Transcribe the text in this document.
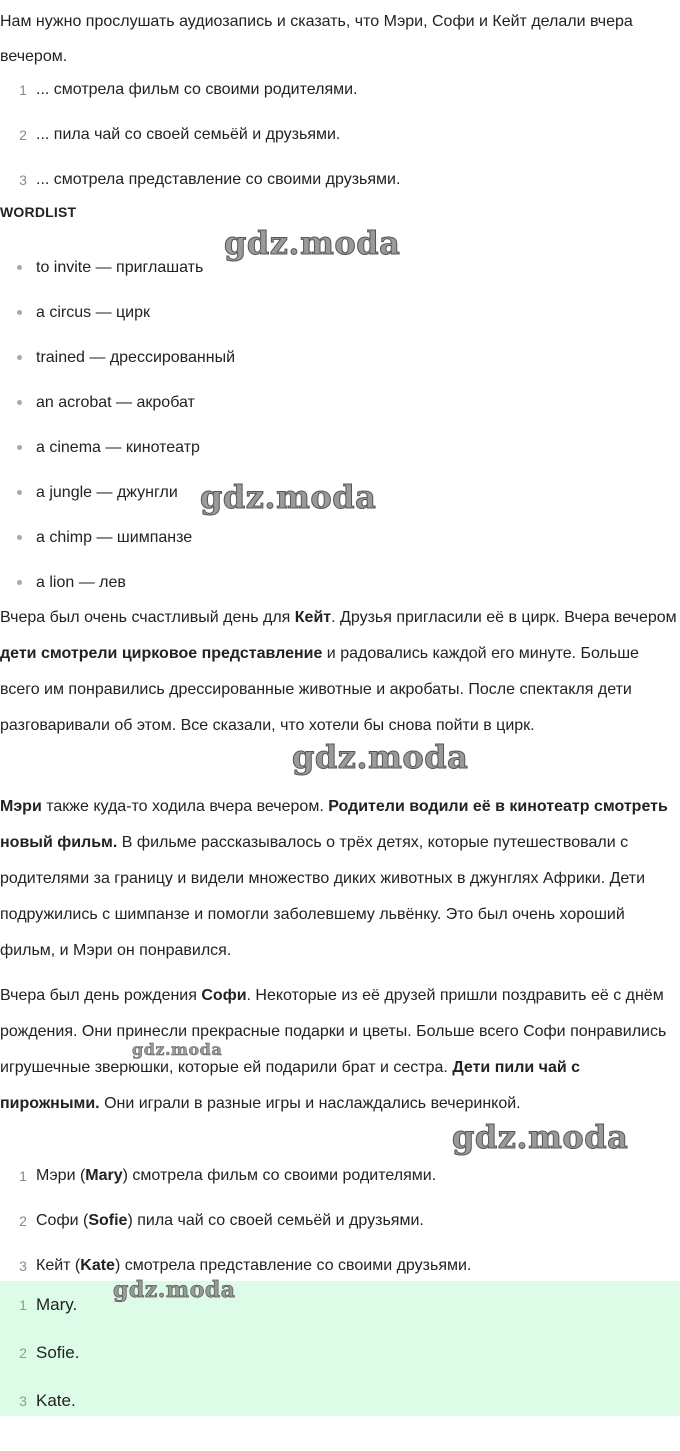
Нам нужно прослушать аудиозапись и сказать, что Мэри, Софи и Кейт делали вчера вечером.

1 ... смотрела фильм со своими родителями.
2 ... пила чай со своей семьёй и друзьями.
3 ... смотрела представление со своими друзьями.
WORDLIST
to invite — приглашать
a circus — цирк
trained — дрессированный
an acrobat — акробат
a cinema — кинотеатр
a jungle — джунгли
a chimp — шимпанзе
a lion — лев

Вчера был очень счастливый день для Кейт. Друзья пригласили её в цирк. Вчера вечером дети смотрели цирковое представление и радовались каждой его минуте. Больше всего им понравились дрессированные животные и акробаты. После спектакля дети разговаривали об этом. Все сказали, что хотели бы снова пойти в цирк.

Мэри также куда-то ходила вчера вечером. Родители водили её в кинотеатр смотреть новый фильм. В фильме рассказывалось о трёх детях, которые путешествовали с родителями за границу и видели множество диких животных в джунглях Африки. Дети подружились с шимпанзе и помогли заболевшему львёнку. Это был очень хороший фильм, и Мэри он понравился.

Вчера был день рождения Софи. Некоторые из её друзей пришли поздравить её с днём рождения. Они принесли прекрасные подарки и цветы. Больше всего Софи понравились игрушечные зверюшки, которые ей подарили брат и сестра. Дети пили чай с пирожными. Они играли в разные игры и наслаждались вечеринкой.

1 Мэри (Mary) смотрела фильм со своими родителями.
2 Софи (Sofie) пила чай со своей семьёй и друзьями.
3 Кейт (Kate) смотрела представление со своими друзьями.
1 Mary.
2 Sofie.
3 Kate.
gdz.moda
gdz.moda
gdz.moda
gdz.moda
gdz.moda
gdz.moda
